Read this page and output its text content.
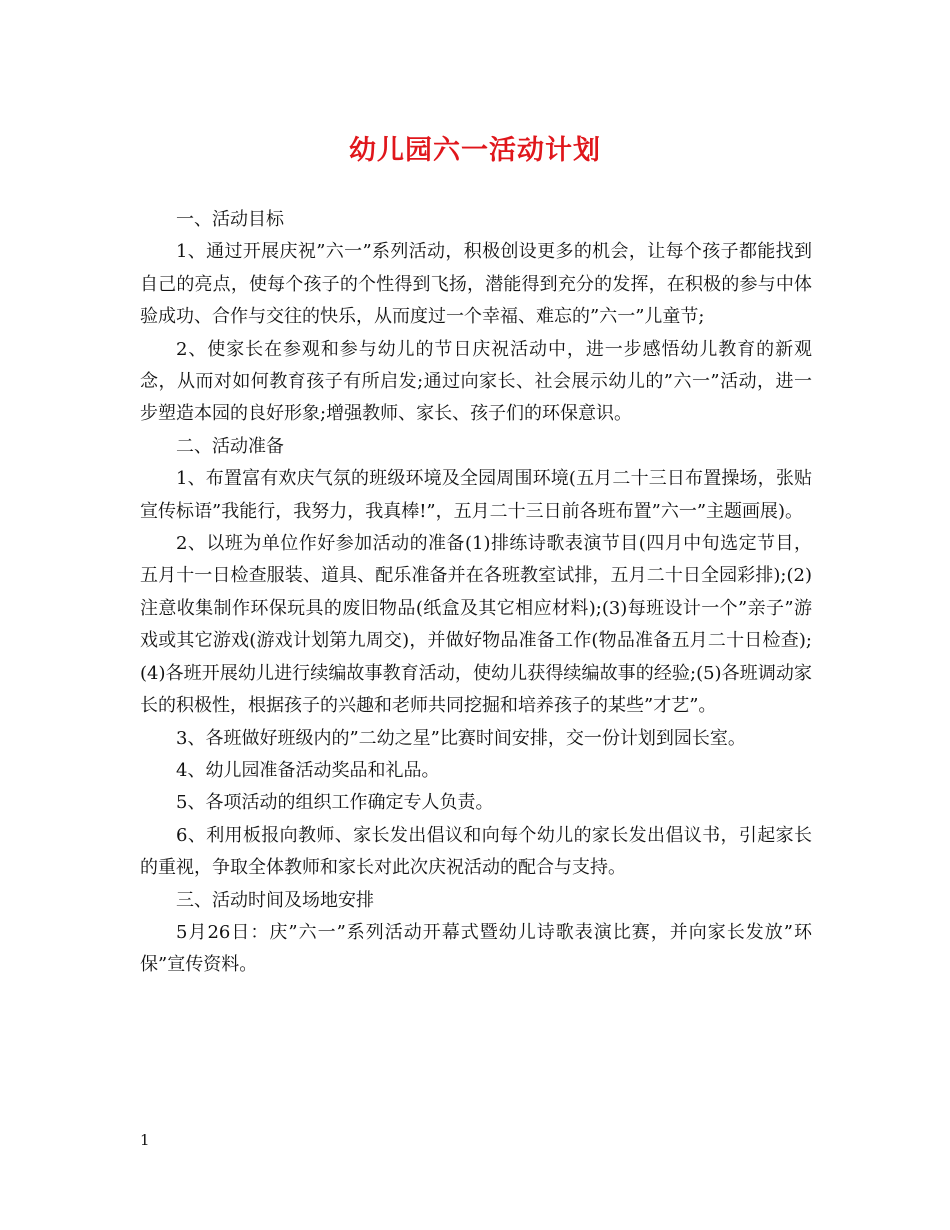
幼儿园六一活动计划

一、活动目标

1、通过开展庆祝”六一”系列活动，积极创设更多的机会，让每个孩子都能找到自己的亮点，使每个孩子的个性得到飞扬，潜能得到充分的发挥，在积极的参与中体验成功、合作与交往的快乐，从而度过一个幸福、难忘的”六一”儿童节;

2、使家长在参观和参与幼儿的节日庆祝活动中，进一步感悟幼儿教育的新观念，从而对如何教育孩子有所启发;通过向家长、社会展示幼儿的”六一”活动，进一步塑造本园的良好形象;增强教师、家长、孩子们的环保意识。

二、活动准备

1、布置富有欢庆气氛的班级环境及全园周围环境(五月二十三日布置操场，张贴宣传标语”我能行，我努力，我真棒!”，五月二十三日前各班布置”六一”主题画展)。

2、以班为单位作好参加活动的准备(1)排练诗歌表演节目(四月中旬选定节目，五月十一日检查服装、道具、配乐准备并在各班教室试排，五月二十日全园彩排);(2)注意收集制作环保玩具的废旧物品(纸盒及其它相应材料);(3)每班设计一个”亲子”游戏或其它游戏(游戏计划第九周交)，并做好物品准备工作(物品准备五月二十日检查);(4)各班开展幼儿进行续编故事教育活动，使幼儿获得续编故事的经验;(5)各班调动家长的积极性，根据孩子的兴趣和老师共同挖掘和培养孩子的某些”才艺”。

3、各班做好班级内的”二幼之星”比赛时间安排，交一份计划到园长室。

4、幼儿园准备活动奖品和礼品。

5、各项活动的组织工作确定专人负责。

6、利用板报向教师、家长发出倡议和向每个幼儿的家长发出倡议书，引起家长的重视，争取全体教师和家长对此次庆祝活动的配合与支持。

三、活动时间及场地安排

5月26日：庆”六一”系列活动开幕式暨幼儿诗歌表演比赛，并向家长发放”环保”宣传资料。

1
